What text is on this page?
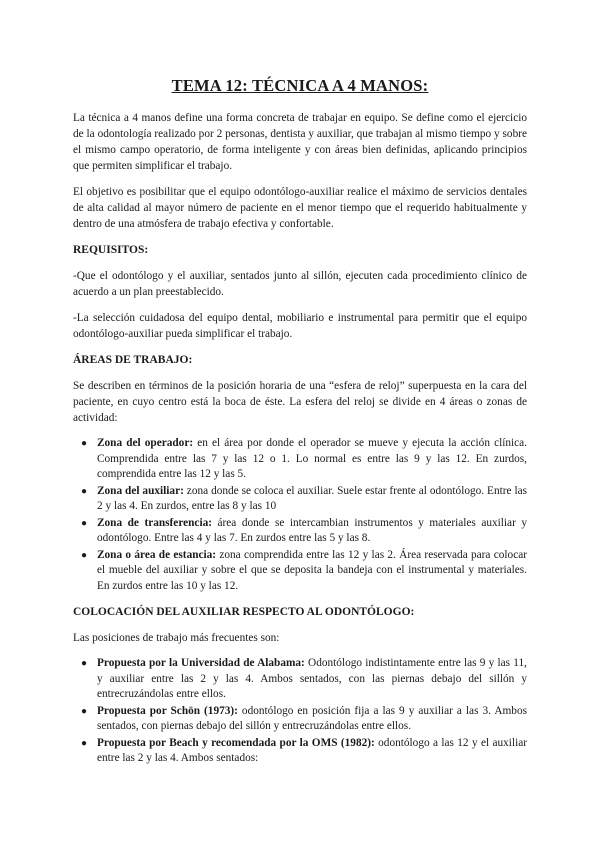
TEMA 12: TÉCNICA A 4 MANOS:

La técnica a 4 manos define una forma concreta de trabajar en equipo. Se define como el ejercicio de la odontología realizado por 2 personas, dentista y auxiliar, que trabajan al mismo tiempo y sobre el mismo campo operatorio, de forma inteligente y con áreas bien definidas, aplicando principios que permiten simplificar el trabajo.

El objetivo es posibilitar que el equipo odontólogo-auxiliar realice el máximo de servicios dentales de alta calidad al mayor número de paciente en el menor tiempo que el requerido habitualmente y dentro de una atmósfera de trabajo efectiva y confortable.

REQUISITOS:

-Que el odontólogo y el auxiliar, sentados junto al sillón, ejecuten cada procedimiento clínico de acuerdo a un plan preestablecido.

-La selección cuidadosa del equipo dental, mobiliario e instrumental para permitir que el equipo odontólogo-auxiliar pueda simplificar el trabajo.

ÁREAS DE TRABAJO:

Se describen en términos de la posición horaria de una “esfera de reloj” superpuesta en la cara del paciente, en cuyo centro está la boca de éste. La esfera del reloj se divide en 4 áreas o zonas de actividad:

● Zona del operador: en el área por donde el operador se mueve y ejecuta la acción clínica. Comprendida entre las 7 y las 12 o 1. Lo normal es entre las 9 y las 12. En zurdos, comprendida entre las 12 y las 5.
● Zona del auxiliar: zona donde se coloca el auxiliar. Suele estar frente al odontólogo. Entre las 2 y las 4. En zurdos, entre las 8 y las 10
● Zona de transferencia: área donde se intercambian instrumentos y materiales auxiliar y odontólogo. Entre las 4 y las 7. En zurdos entre las 5 y las 8.
● Zona o área de estancia: zona comprendida entre las 12 y las 2. Área reservada para colocar el mueble del auxiliar y sobre el que se deposita la bandeja con el instrumental y materiales. En zurdos entre las 10 y las 12.
COLOCACIÓN DEL AUXILIAR RESPECTO AL ODONTÓLOGO:

Las posiciones de trabajo más frecuentes son:

● Propuesta por la Universidad de Alabama: Odontólogo indistintamente entre las 9 y las 11, y auxiliar entre las 2 y las 4. Ambos sentados, con las piernas debajo del sillón y entrecruzándolas entre ellos.
● Propuesta por Schön (1973): odontólogo en posición fija a las 9 y auxiliar a las 3. Ambos sentados, con piernas debajo del sillón y entrecruzándolas entre ellos.
● Propuesta por Beach y recomendada por la OMS (1982): odontólogo a las 12 y el auxiliar entre las 2 y las 4. Ambos sentados:
